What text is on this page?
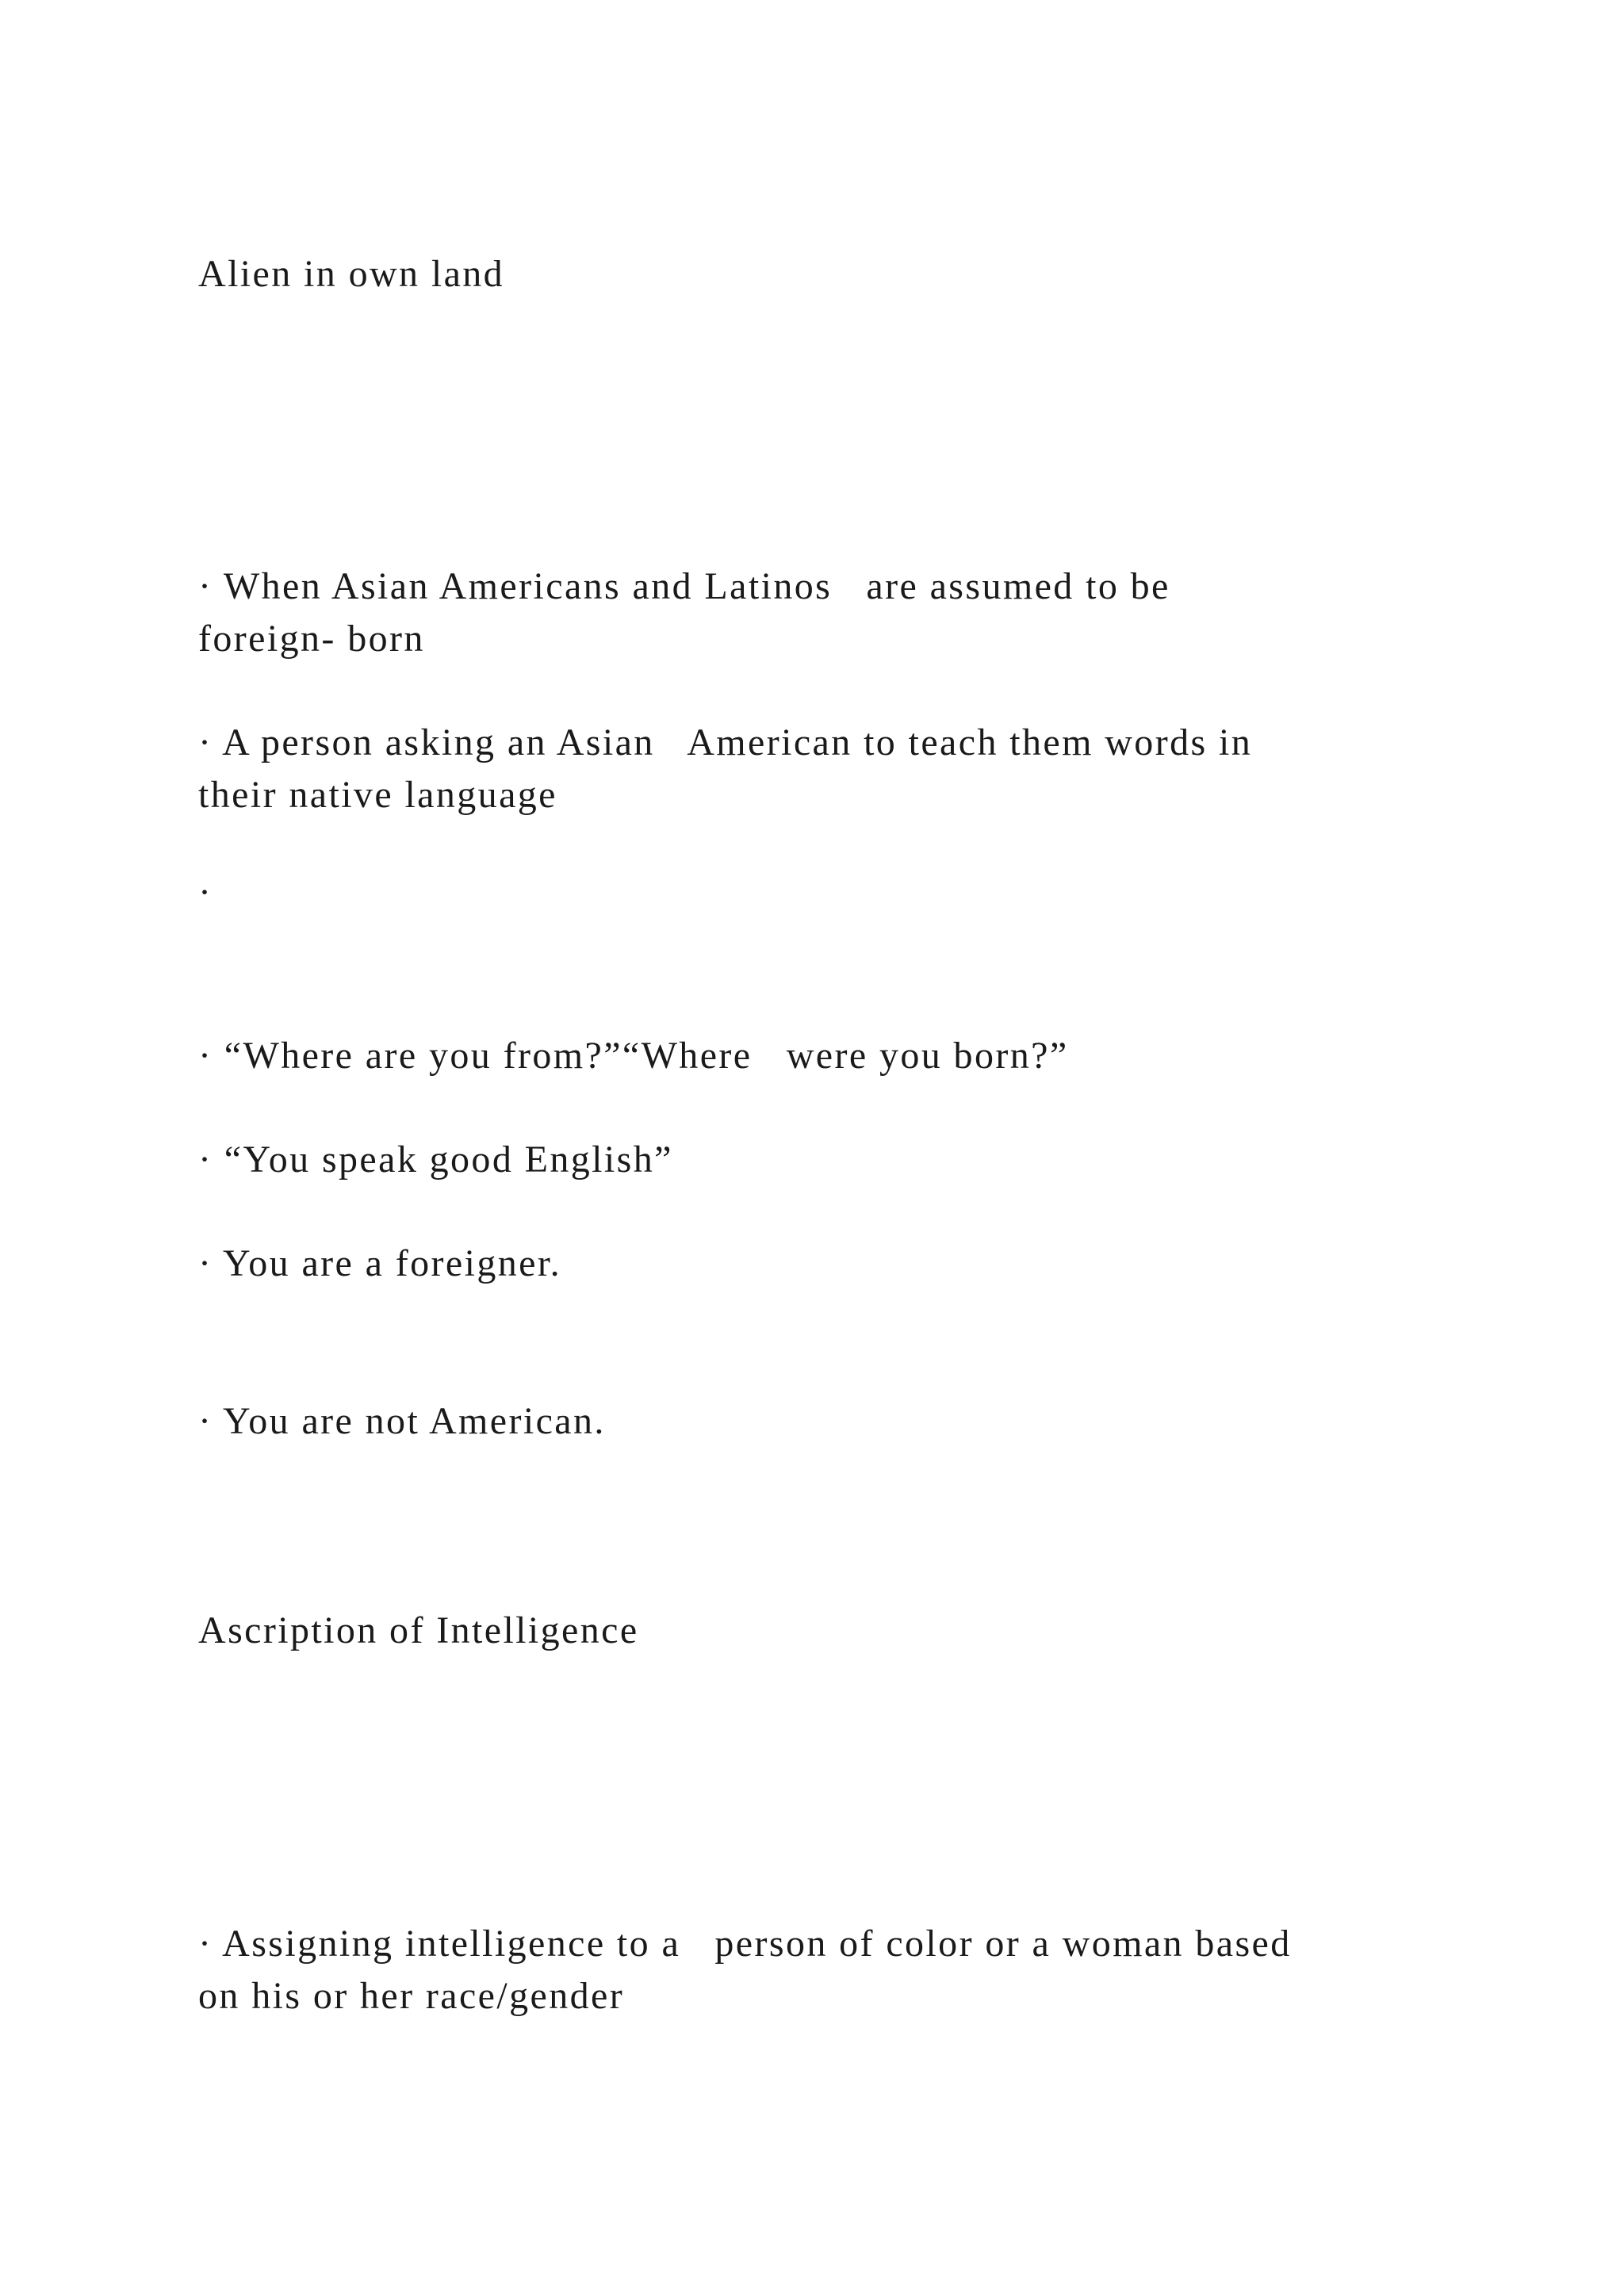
Alien in own land

· When Asian Americans and Latinos   are assumed to be
foreign- born

· A person asking an Asian   American to teach them words in
their native language

·

· “Where are you from?”“Where   were you born?”

· “You speak good English”

· You are a foreigner.

· You are not American.

Ascription of Intelligence

· Assigning intelligence to a   person of color or a woman based
on his or her race/gender
